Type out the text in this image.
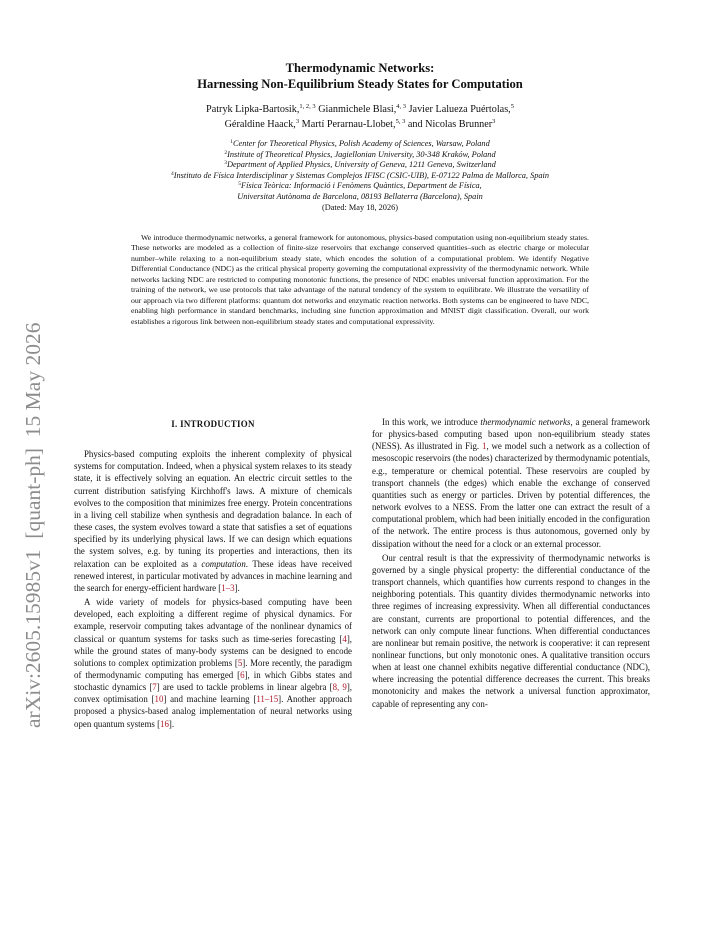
arXiv:2605.15985v1  [quant-ph]  15 May 2026

Thermodynamic Networks:

Harnessing Non-Equilibrium Steady States for Computation

Patryk Lipka-Bartosik,$^{1, 2, 3}$ Gianmichele Blasi,$^{4, 3}$ Javier Lalueza Puértolas,$^5$
Géraldine Haack,$^3$ Martí Perarnau-Llobet,$^{5, 3}$ and Nicolas Brunner$^3$
$^1$Center for Theoretical Physics, Polish Academy of Sciences, Warsaw, Poland
$^2$Institute of Theoretical Physics, Jagiellonian University, 30-348 Kraków, Poland
$^3$Department of Applied Physics, University of Geneva, 1211 Geneva, Switzerland
$^4$Instituto de Física Interdisciplinar y Sistemas Complejos IFISC (CSIC-UIB), E-07122 Palma de Mallorca, Spain
$^5$Física Teòrica: Informació i Fenòmens Quàntics, Department de Física,
Universitat Autònoma de Barcelona, 08193 Bellaterra (Barcelona), Spain
(Dated: May 18, 2026)

We introduce thermodynamic networks, a general framework for autonomous, physics-based computation using non-equilibrium steady states. These networks are modeled as a collection of finite-size reservoirs that exchange conserved quantities–such as electric charge or molecular number–while relaxing to a non-equilibrium steady state, which encodes the solution of a computational problem. We identify Negative Differential Conductance (NDC) as the critical physical property governing the computational expressivity of the thermodynamic network. While networks lacking NDC are restricted to computing monotonic functions, the presence of NDC enables universal function approximation. For the training of the network, we use protocols that take advantage of the natural tendency of the system to equilibrate. We illustrate the versatility of our approach via two different platforms: quantum dot networks and enzymatic reaction networks. Both systems can be engineered to have NDC, enabling high performance in standard benchmarks, including sine function approximation and MNIST digit classification. Overall, our work establishes a rigorous link between non-equilibrium steady states and computational expressivity.

I. INTRODUCTION

Physics-based computing exploits the inherent complexity of physical systems for computation. Indeed, when a physical system relaxes to its steady state, it is effectively solving an equation. An electric circuit settles to the current distribution satisfying Kirchhoff's laws. A mixture of chemicals evolves to the composition that minimizes free energy. Protein concentrations in a living cell stabilize when synthesis and degradation balance. In each of these cases, the system evolves toward a state that satisfies a set of equations specified by its underlying physical laws. If we can design which equations the system solves, e.g. by tuning its properties and interactions, then its relaxation can be exploited as a computation. These ideas have received renewed interest, in particular motivated by advances in machine learning and the search for energy-efficient hardware [1–3].

A wide variety of models for physics-based computing have been developed, each exploiting a different regime of physical dynamics. For example, reservoir computing takes advantage of the nonlinear dynamics of classical or quantum systems for tasks such as time-series forecasting [4], while the ground states of many-body systems can be designed to encode solutions to complex optimization problems [5]. More recently, the paradigm of thermodynamic computing has emerged [6], in which Gibbs states and stochastic dynamics [7] are used to tackle problems in linear algebra [8, 9], convex optimisation [10] and machine learning [11–15]. Another approach proposed a physics-based analog implementation of neural networks using open quantum systems [16].

In this work, we introduce thermodynamic networks, a general framework for physics-based computing based upon non-equilibrium steady states (NESS). As illustrated in Fig. 1, we model such a network as a collection of mesoscopic reservoirs (the nodes) characterized by thermodynamic potentials, e.g., temperature or chemical potential. These reservoirs are coupled by transport channels (the edges) which enable the exchange of conserved quantities such as energy or particles. Driven by potential differences, the network evolves to a NESS. From the latter one can extract the result of a computational problem, which had been initially encoded in the configuration of the network. The entire process is thus autonomous, governed only by dissipation without the need for a clock or an external processor.

Our central result is that the expressivity of thermodynamic networks is governed by a single physical property: the differential conductance of the transport channels, which quantifies how currents respond to changes in the neighboring potentials. This quantity divides thermodynamic networks into three regimes of increasing expressivity. When all differential conductances are constant, currents are proportional to potential differences, and the network can only compute linear functions. When differential conductances are nonlinear but remain positive, the network is cooperative: it can represent nonlinear functions, but only monotonic ones. A qualitative transition occurs when at least one channel exhibits negative differential conductance (NDC), where increasing the potential difference decreases the current. This breaks monotonicity and makes the network a universal function approximator, capable of representing any con-
